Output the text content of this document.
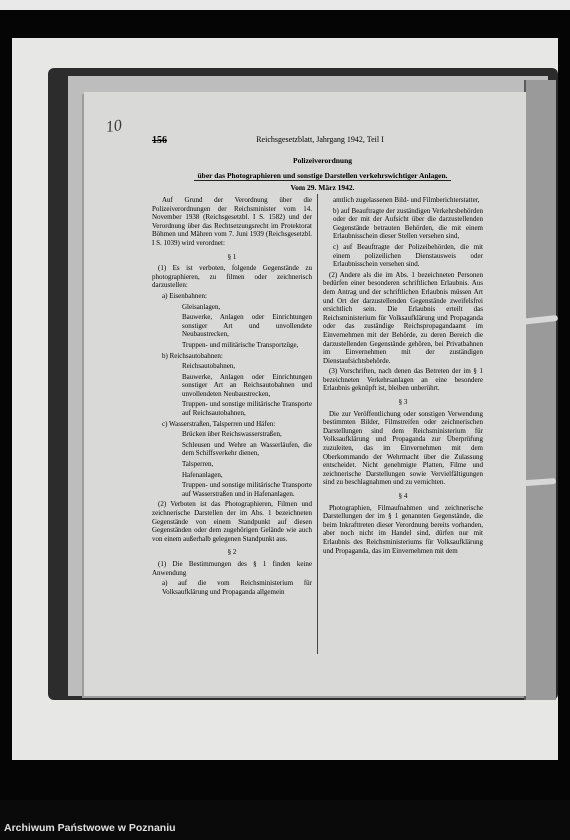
10
156	Reichsgesetzblatt, Jahrgang 1942, Teil I
Polizeiverordnung
über das Photographieren und sonstige Darstellen verkehrswichtiger Anlagen.
Vom 29. März 1942.

Auf Grund der Verordnung über die Polizeiverordnungen der Reichsminister vom 14. November 1938 (Reichsgesetzbl. I S. 1582) und der Verordnung über das Rechtsetzungsrecht im Protektorat Böhmen und Mähren vom 7. Juni 1939 (Reichsgesetzbl. I S. 1039) wird verordnet:

§ 1

(1) Es ist verboten, folgende Gegenstände zu photographieren, zu filmen oder zeichnerisch darzustellen:

a) Eisenbahnen:

Gleisanlagen,

Bauwerke, Anlagen oder Einrichtungen sonstiger Art und unvollendete Neubaustrecken,

Truppen- und militärische Transportzüge,

b) Reichsautobahnen:

Reichsautobahnen,

Bauwerke, Anlagen oder Einrichtungen sonstiger Art an Reichsautobahnen und unvollendeten Neubaustrecken,

Truppen- und sonstige militärische Transporte auf Reichsautobahnen,

c) Wasserstraßen, Talsperren und Häfen:

Brücken über Reichswasserstraßen,

Schleusen und Wehre an Wasserläufen, die dem Schiffsverkehr dienen,

Talsperren,

Hafenanlagen,

Truppen- und sonstige militärische Transporte auf Wasserstraßen und in Hafenanlagen.

(2) Verboten ist das Photographieren, Filmen und zeichnerische Darstellen der im Abs. 1 bezeichneten Gegenstände von einem Standpunkt auf diesen Gegenständen oder dem zugehörigen Gelände wie auch von einem außerhalb gelegenen Standpunkt aus.

§ 2

(1) Die Bestimmungen des § 1 finden keine Anwendung

a) auf die vom Reichsministerium für Volksaufklärung und Propaganda allgemein

amtlich zugelassenen Bild- und Filmberichterstatter,

b) auf Beauftragte der zuständigen Verkehrsbehörden oder der mit der Aufsicht über die darzustellenden Gegenstände betrauten Behörden, die mit einem Erlaubnisschein dieser Stellen versehen sind,

c) auf Beauftragte der Polizeibehörden, die mit einem polizeilichen Dienstausweis oder Erlaubnisschein versehen sind.

(2) Andere als die im Abs. 1 bezeichneten Personen bedürfen einer besonderen schriftlichen Erlaubnis. Aus dem Antrag und der schriftlichen Erlaubnis müssen Art und Ort der darzustellenden Gegenstände zweifelsfrei ersichtlich sein. Die Erlaubnis erteilt das Reichsministerium für Volksaufklärung und Propaganda oder das zuständige Reichspropagandaamt im Einvernehmen mit der Behörde, zu deren Bereich die darzustellenden Gegenstände gehören, bei Privatbahnen im Einvernehmen mit der zuständigen Dienstaufsichtsbehörde.

(3) Vorschriften, nach denen das Betreten der im § 1 bezeichneten Verkehrsanlagen an eine besondere Erlaubnis geknüpft ist, bleiben unberührt.

§ 3

Die zur Veröffentlichung oder sonstigen Verwendung bestimmten Bilder, Filmstreifen oder zeichnerischen Darstellungen sind dem Reichsministerium für Volksaufklärung und Propaganda zur Überprüfung zuzuleiten, das im Einvernehmen mit dem Oberkommando der Wehrmacht über die Zulassung entscheidet. Nicht genehmigte Platten, Filme und zeichnerische Darstellungen sowie Vervielfältigungen sind zu beschlagnahmen und zu vernichten.

§ 4

Photographien, Filmaufnahmen und zeichnerische Darstellungen der im § 1 genannten Gegenstände, die beim Inkrafttreten dieser Verordnung bereits vorhanden, aber noch nicht im Handel sind, dürfen nur mit Erlaubnis des Reichsministeriums für Volksaufklärung und Propaganda, das im Einvernehmen mit dem

Archiwum Państwowe w Poznaniu
